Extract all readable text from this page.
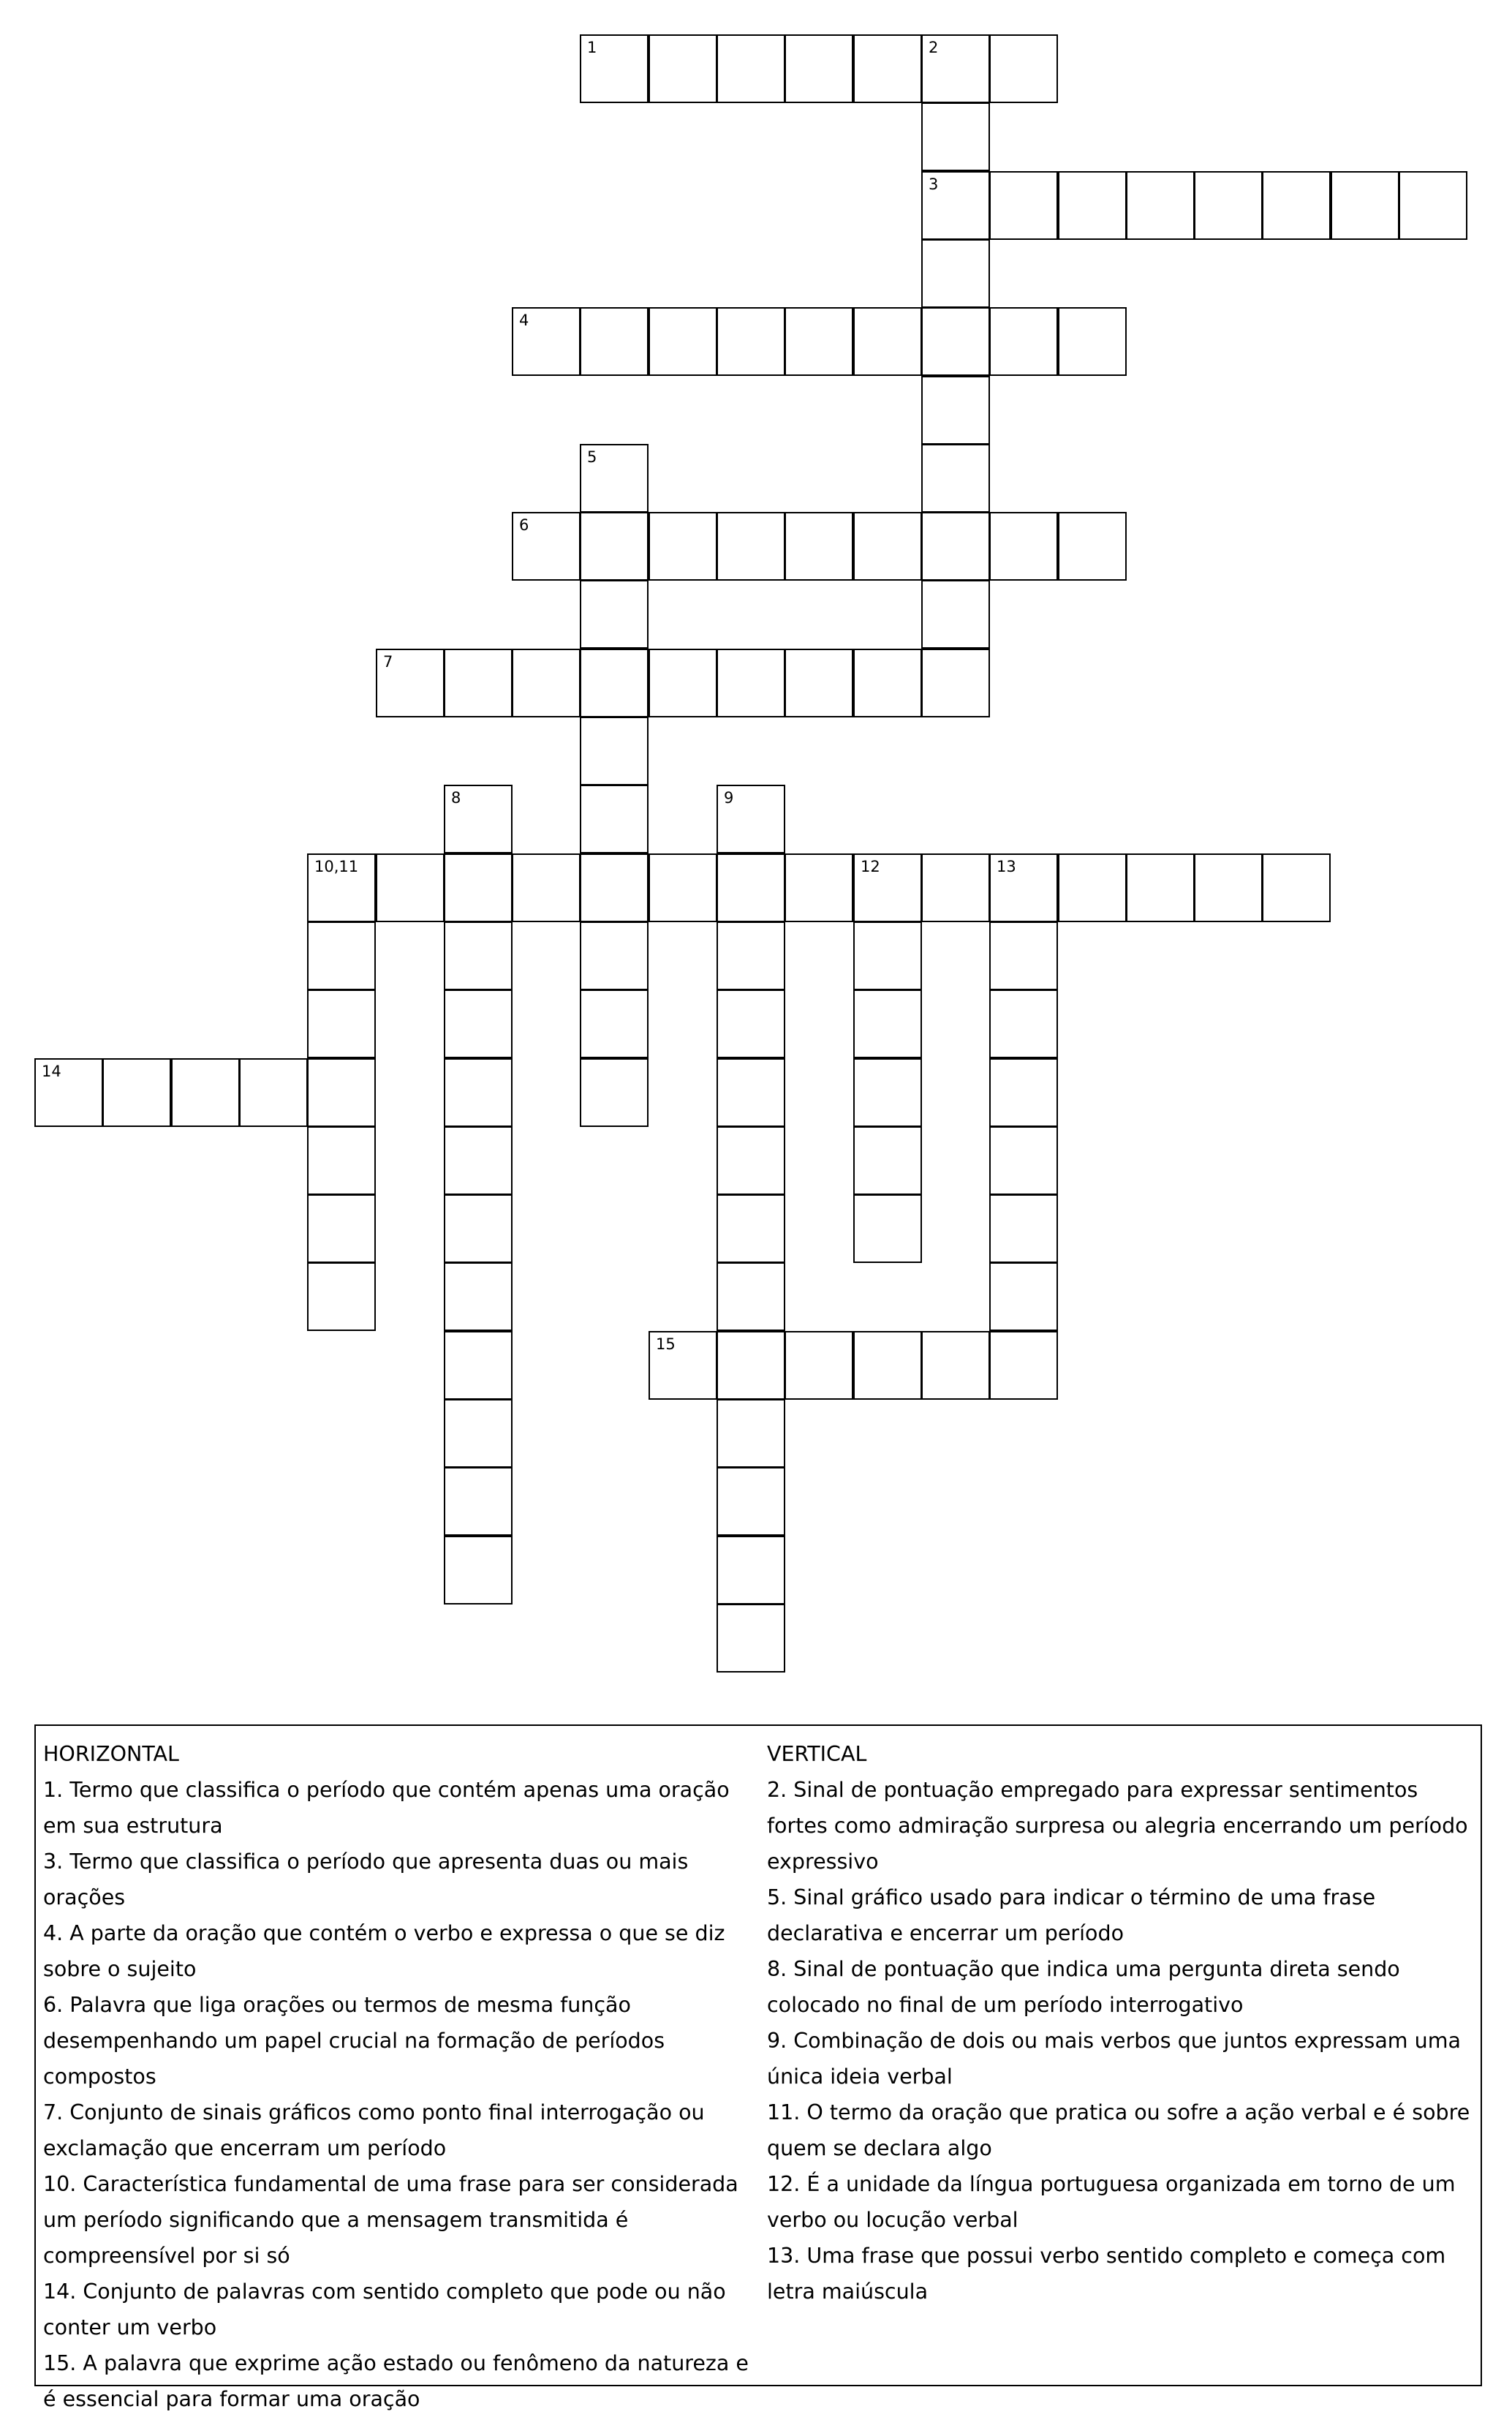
1	2
3
4
5
6
7
8	9
10,11	12	13
14
15

HORIZONTAL

1. Termo que classifica o período que contém apenas uma oração em sua estrutura

3. Termo que classifica o período que apresenta duas ou mais orações

4. A parte da oração que contém o verbo e expressa o que se diz sobre o sujeito

6. Palavra que liga orações ou termos de mesma função desempenhando um papel crucial na formação de períodos compostos

7. Conjunto de sinais gráficos como ponto final interrogação ou exclamação que encerram um período

10. Característica fundamental de uma frase para ser considerada um período significando que a mensagem transmitida é compreensível por si só

14. Conjunto de palavras com sentido completo que pode ou não conter um verbo

15. A palavra que exprime ação estado ou fenômeno da natureza e é essencial para formar uma oração

VERTICAL

2. Sinal de pontuação empregado para expressar sentimentos fortes como admiração surpresa ou alegria encerrando um período expressivo

5. Sinal gráfico usado para indicar o término de uma frase declarativa e encerrar um período

8. Sinal de pontuação que indica uma pergunta direta sendo colocado no final de um período interrogativo

9. Combinação de dois ou mais verbos que juntos expressam uma única ideia verbal

11. O termo da oração que pratica ou sofre a ação verbal e é sobre quem se declara algo

12. É a unidade da língua portuguesa organizada em torno de um verbo ou locução verbal

13. Uma frase que possui verbo sentido completo e começa com letra maiúscula
